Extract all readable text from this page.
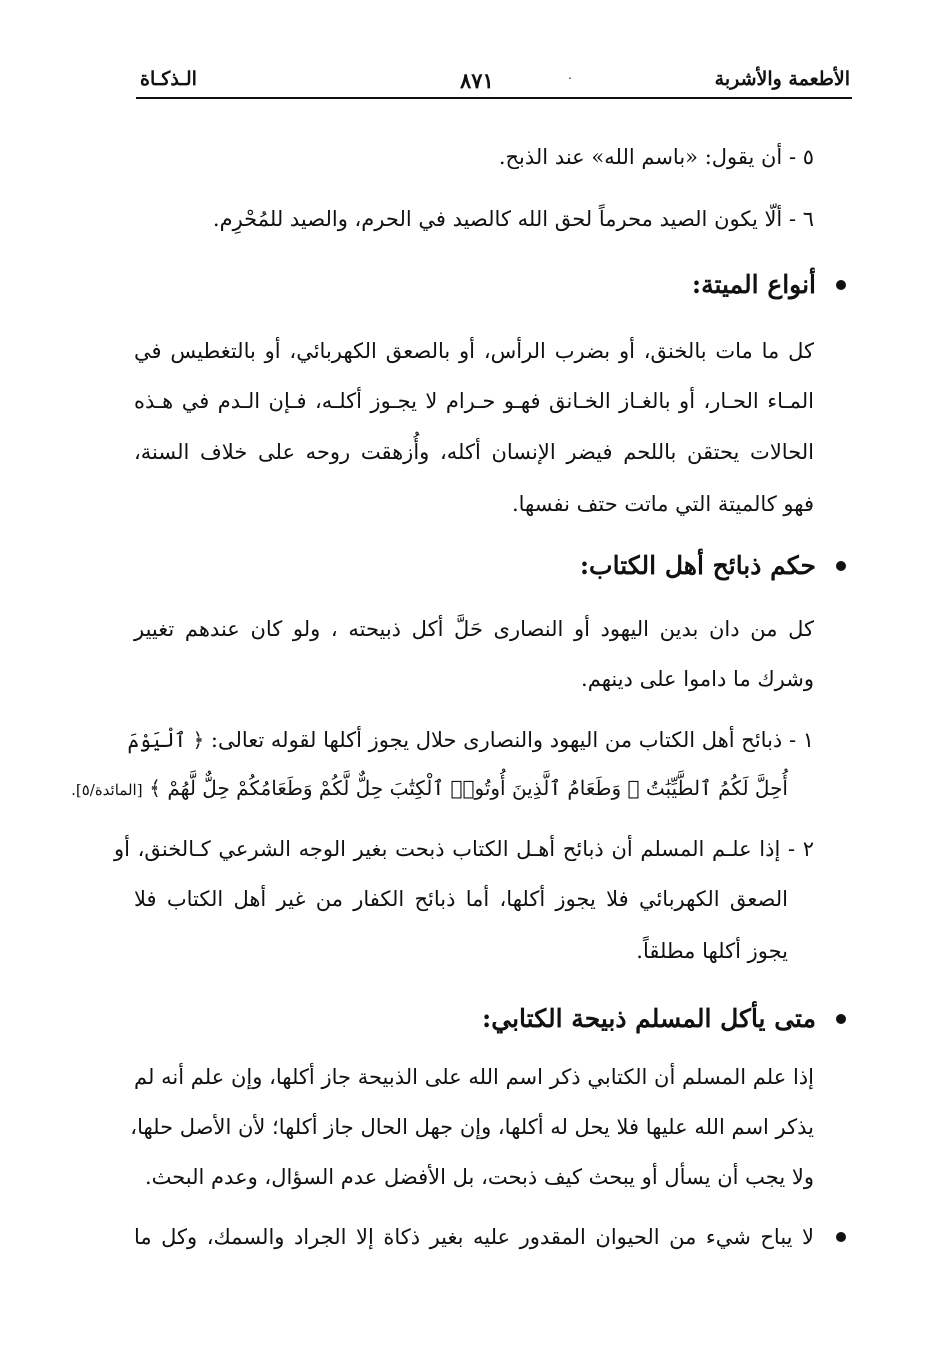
الأطعمة والأشربة
.
٨٧١
الـذكـاة
٥ - أن يقول: «باسم الله» عند الذبح.
٦ - ألّا يكون الصيد محرماً لحق الله كالصيد في الحرم، والصيد للمُحْرِم.
أنواع الميتة:
كل ما مات بالخنق، أو بضرب الرأس، أو بالصعق الكهربائي، أو بالتغطيس في
المـاء الحـار، أو بالغـاز الخـانق فهـو حـرام لا يجـوز أكلـه، فـإن الـدم في هـذه
الحالات يحتقن باللحم فيضر الإنسان أكله، وأُزهقت روحه على خلاف السنة،
فهو كالميتة التي ماتت حتف نفسها.
حكم ذبائح أهل الكتاب:
كل من دان بدين اليهود أو النصارى حَلَّ أكل ذبيحته ، ولو كان عندهم تغيير
وشرك ما داموا على دينهم.
١ - ذبائح أهل الكتاب من اليهود والنصارى حلال يجوز أكلها لقوله تعالى: ﴿ ٱلْيَوْمَ
أُحِلَّ لَكُمُ ٱلطَّيِّبَٰتُ ۖ وَطَعَامُ ٱلَّذِينَ أُوتُوا۟ ٱلْكِتَٰبَ حِلٌّ لَّكُمْ وَطَعَامُكُمْ حِلٌّ لَّهُمْ ﴾ [المائدة/٥].
٢ - إذا علـم المسلم أن ذبائح أهـل الكتاب ذبحت بغير الوجه الشرعي كـالخنق، أو
الصعق الكهربائي فلا يجوز أكلها، أما ذبائح الكفار من غير أهل الكتاب فلا
يجوز أكلها مطلقاً.
متى يأكل المسلم ذبيحة الكتابي:
إذا علم المسلم أن الكتابي ذكر اسم الله على الذبيحة جاز أكلها، وإن علم أنه لم
يذكر اسم الله عليها فلا يحل له أكلها، وإن جهل الحال جاز أكلها؛ لأن الأصل حلها،
ولا يجب أن يسأل أو يبحث كيف ذبحت، بل الأفضل عدم السؤال، وعدم البحث.
لا يباح شيء من الحيوان المقدور عليه بغير ذكاة إلا الجراد والسمك، وكل ما
